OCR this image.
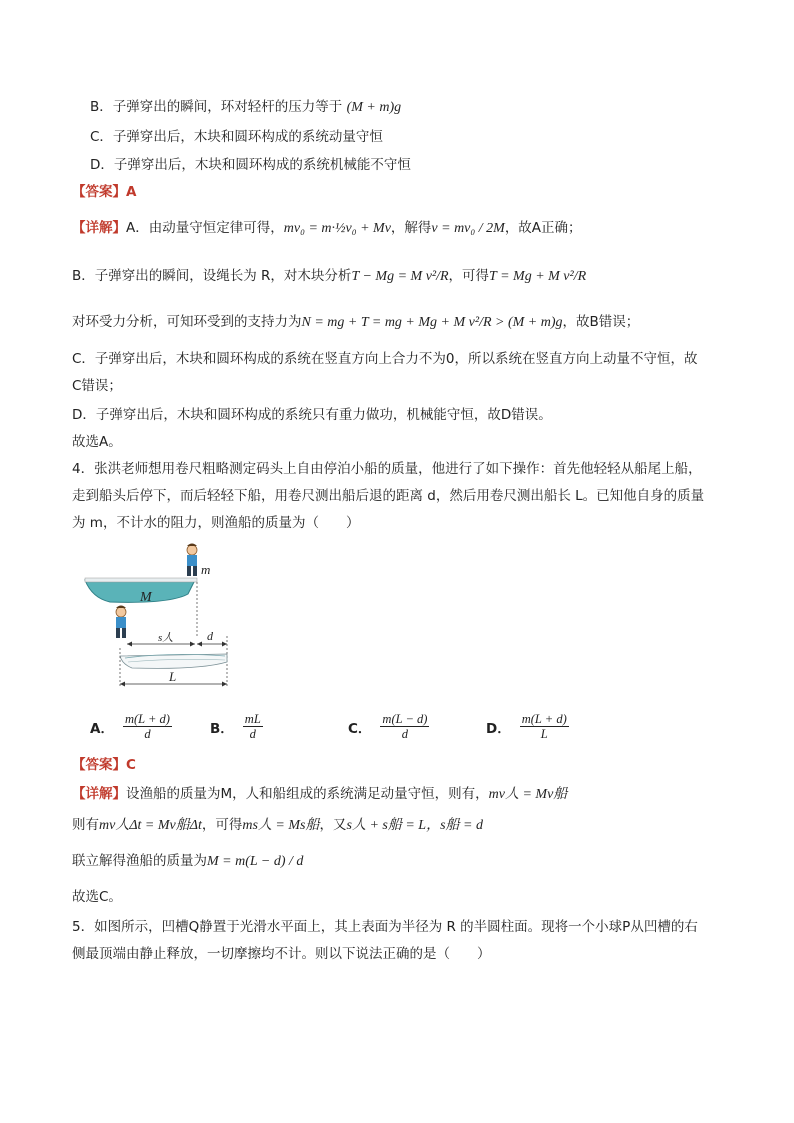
B．子弹穿出的瞬间，环对轻杆的压力等于 (M + m)g
C．子弹穿出后，木块和圆环构成的系统动量守恒
D．子弹穿出后，木块和圆环构成的系统机械能不守恒
【答案】A
【详解】A．由动量守恒定律可得，mv₀ = m·½v₀ + Mv，解得v = mv₀ / 2M，故A正确；
B．子弹穿出的瞬间，设绳长为 R，对木块分析T − Mg = M v²/R，可得T = Mg + M v²/R
对环受力分析，可知环受到的支持力为N = mg + T = mg + Mg + M v²/R > (M + m)g，故B错误；
C．子弹穿出后，木块和圆环构成的系统在竖直方向上合力不为0，所以系统在竖直方向上动量不守恒，故
C错误；
D．子弹穿出后，木块和圆环构成的系统只有重力做功，机械能守恒，故D错误。
故选A。
4．张洪老师想用卷尺粗略测定码头上自由停泊小船的质量，他进行了如下操作：首先他轻轻从船尾上船，
走到船头后停下，而后轻轻下船，用卷尺测出船后退的距离 d，然后用卷尺测出船长 L。已知他自身的质量
为 m，不计水的阻力，则渔船的质量为（　　）
M
m
s人	d
L
A． $\frac{m(L + d)}{d}$	B． $\frac{mL}{d}$	C． $\frac{m(L - d)}{d}$	D． $\frac{m(L + d)}{L}$
【答案】C
【详解】设渔船的质量为M，人和船组成的系统满足动量守恒，则有，mv人 = Mv船
则有mv人Δt = Mv船Δt，可得ms人 = Ms船，又s人 + s船 = L，s船 = d
联立解得渔船的质量为M = m(L − d) / d
故选C。
5．如图所示，凹槽Q静置于光滑水平面上，其上表面为半径为 R 的半圆柱面。现将一个小球P从凹槽的右
侧最顶端由静止释放，一切摩擦均不计。则以下说法正确的是（　　）
